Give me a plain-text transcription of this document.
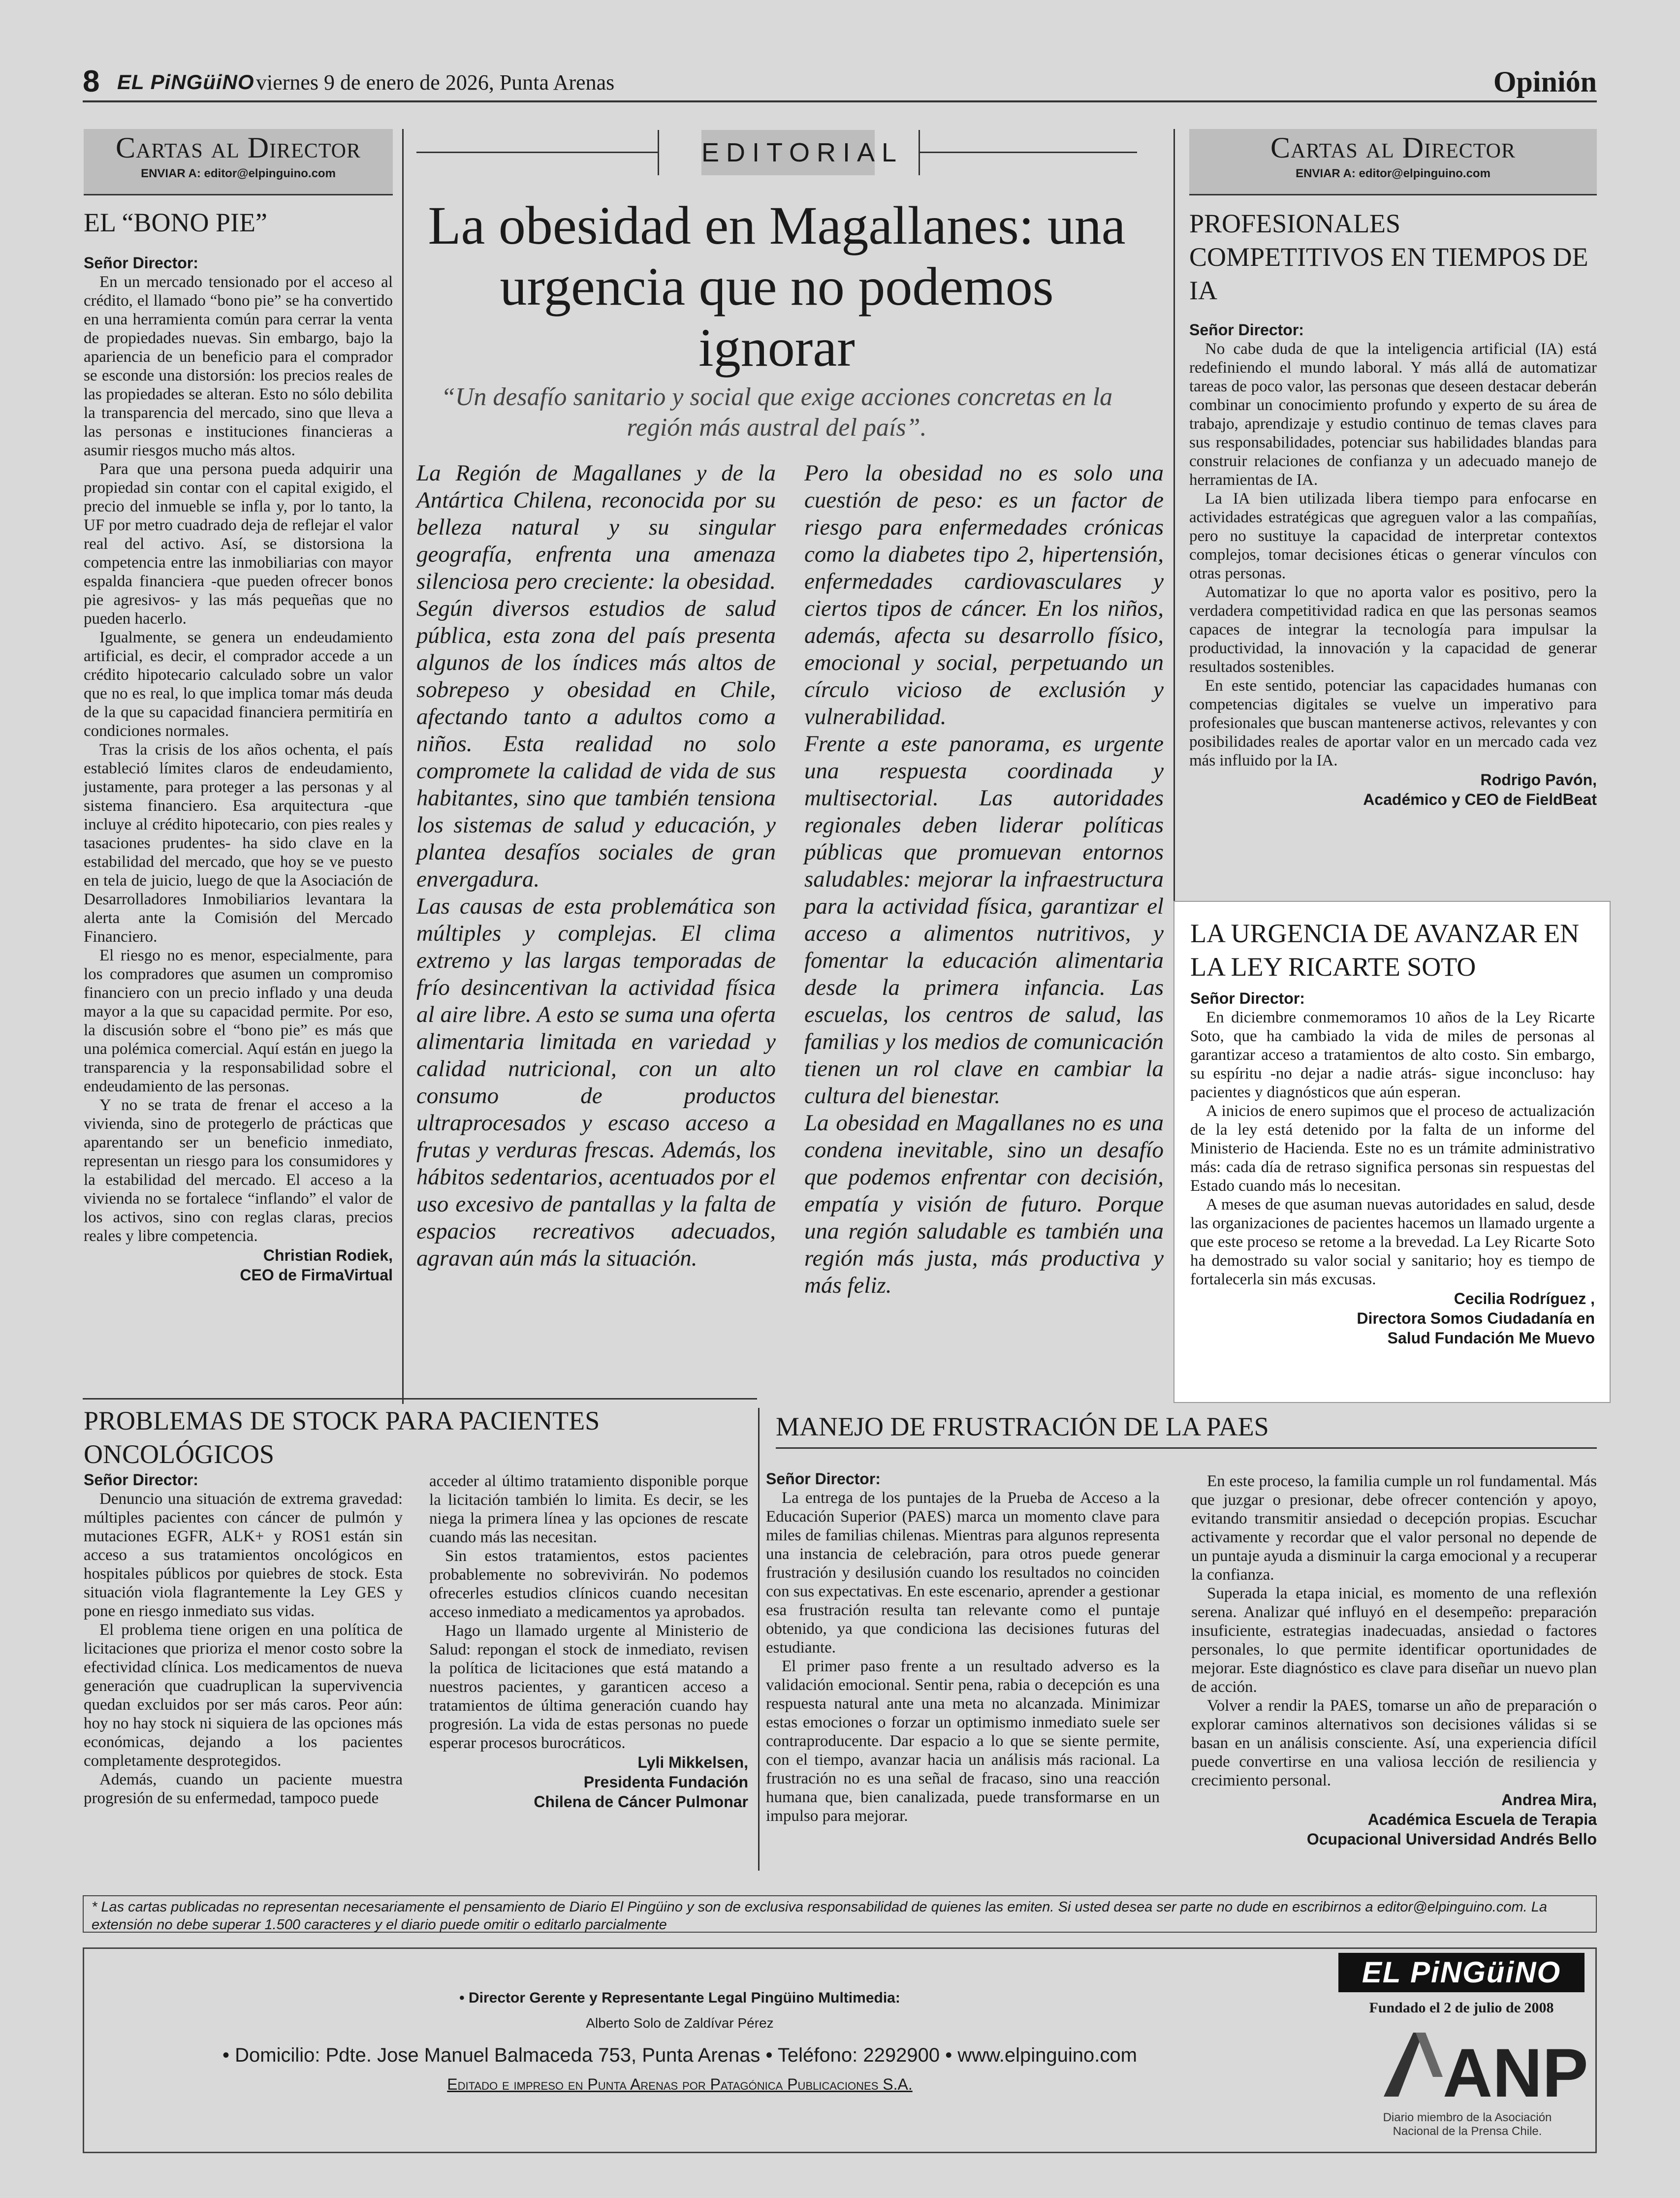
8 EL PiNGüiNO viernes 9 de enero de 2026, Punta Arenas	Opinión
Cartas al Director
ENVIAR A: editor@elpinguino.com
EL “BONO PIE”
Señor Director:

En un mercado tensionado por el acceso al crédito, el llamado “bono pie” se ha convertido en una herramienta común para cerrar la venta de propiedades nuevas. Sin embargo, bajo la apariencia de un beneficio para el comprador se esconde una distorsión: los precios reales de las propiedades se alteran. Esto no sólo debilita la transparencia del mercado, sino que lleva a las personas e instituciones financieras a asumir riesgos mucho más altos.

Para que una persona pueda adquirir una propiedad sin contar con el capital exigido, el precio del inmueble se infla y, por lo tanto, la UF por metro cuadrado deja de reflejar el valor real del activo. Así, se distorsiona la competencia entre las inmobiliarias con mayor espalda financiera -que pueden ofrecer bonos pie agresivos- y las más pequeñas que no pueden hacerlo.

Igualmente, se genera un endeudamiento artificial, es decir, el comprador accede a un crédito hipotecario calculado sobre un valor que no es real, lo que implica tomar más deuda de la que su capacidad financiera permitiría en condiciones normales.

Tras la crisis de los años ochenta, el país estableció límites claros de endeudamiento, justamente, para proteger a las personas y al sistema financiero. Esa arquitectura -que incluye al crédito hipotecario, con pies reales y tasaciones prudentes- ha sido clave en la estabilidad del mercado, que hoy se ve puesto en tela de juicio, luego de que la Asociación de Desarrolladores Inmobiliarios levantara la alerta ante la Comisión del Mercado Financiero.

El riesgo no es menor, especialmente, para los compradores que asumen un compromiso financiero con un precio inflado y una deuda mayor a la que su capacidad permite. Por eso, la discusión sobre el “bono pie” es más que una polémica comercial. Aquí están en juego la transparencia y la responsabilidad sobre el endeudamiento de las personas.

Y no se trata de frenar el acceso a la vivienda, sino de protegerlo de prácticas que aparentando ser un beneficio inmediato, representan un riesgo para los consumidores y la estabilidad del mercado. El acceso a la vivienda no se fortalece “inflando” el valor de los activos, sino con reglas claras, precios reales y libre competencia.

Christian Rodiek,
CEO de FirmaVirtual
EDITORIAL
La obesidad en Magallanes: una urgencia que no podemos ignorar
“Un desafío sanitario y social que exige acciones concretas en la región más austral del país”.

La Región de Magallanes y de la Antártica Chilena, reconocida por su belleza natural y su singular geografía, enfrenta una amenaza silenciosa pero creciente: la obesidad. Según diversos estudios de salud pública, esta zona del país presenta algunos de los índices más altos de sobrepeso y obesidad en Chile, afectando tanto a adultos como a niños. Esta realidad no solo compromete la calidad de vida de sus habitantes, sino que también tensiona los sistemas de salud y educación, y plantea desafíos sociales de gran envergadura.

Las causas de esta problemática son múltiples y complejas. El clima extremo y las largas temporadas de frío desincentivan la actividad física al aire libre. A esto se suma una oferta alimentaria limitada en variedad y calidad nutricional, con un alto consumo de productos ultraprocesados y escaso acceso a frutas y verduras frescas. Además, los hábitos sedentarios, acentuados por el uso excesivo de pantallas y la falta de espacios recreativos adecuados, agravan aún más la situación.

Pero la obesidad no es solo una cuestión de peso: es un factor de riesgo para enfermedades crónicas como la diabetes tipo 2, hipertensión, enfermedades cardiovasculares y ciertos tipos de cáncer. En los niños, además, afecta su desarrollo físico, emocional y social, perpetuando un círculo vicioso de exclusión y vulnerabilidad.

Frente a este panorama, es urgente una respuesta coordinada y multisectorial. Las autoridades regionales deben liderar políticas públicas que promuevan entornos saludables: mejorar la infraestructura para la actividad física, garantizar el acceso a alimentos nutritivos, y fomentar la educación alimentaria desde la primera infancia. Las escuelas, los centros de salud, las familias y los medios de comunicación tienen un rol clave en cambiar la cultura del bienestar.

La obesidad en Magallanes no es una condena inevitable, sino un desafío que podemos enfrentar con decisión, empatía y visión de futuro. Porque una región saludable es también una región más justa, más productiva y más feliz.

Cartas al Director
ENVIAR A: editor@elpinguino.com
PROFESIONALES COMPETITIVOS EN TIEMPOS DE IA
Señor Director:

No cabe duda de que la inteligencia artificial (IA) está redefiniendo el mundo laboral. Y más allá de automatizar tareas de poco valor, las personas que deseen destacar deberán combinar un conocimiento profundo y experto de su área de trabajo, aprendizaje y estudio continuo de temas claves para sus responsabilidades, potenciar sus habilidades blandas para construir relaciones de confianza y un adecuado manejo de herramientas de IA.

La IA bien utilizada libera tiempo para enfocarse en actividades estratégicas que agreguen valor a las compañías, pero no sustituye la capacidad de interpretar contextos complejos, tomar decisiones éticas o generar vínculos con otras personas.

Automatizar lo que no aporta valor es positivo, pero la verdadera competitividad radica en que las personas seamos capaces de integrar la tecnología para impulsar la productividad, la innovación y la capacidad de generar resultados sostenibles.

En este sentido, potenciar las capacidades humanas con competencias digitales se vuelve un imperativo para profesionales que buscan mantenerse activos, relevantes y con posibilidades reales de aportar valor en un mercado cada vez más influido por la IA.

Rodrigo Pavón,
Académico y CEO de FieldBeat
LA URGENCIA DE AVANZAR EN LA LEY RICARTE SOTO
Señor Director:

En diciembre conmemoramos 10 años de la Ley Ricarte Soto, que ha cambiado la vida de miles de personas al garantizar acceso a tratamientos de alto costo. Sin embargo, su espíritu -no dejar a nadie atrás- sigue inconcluso: hay pacientes y diagnósticos que aún esperan.

A inicios de enero supimos que el proceso de actualización de la ley está detenido por la falta de un informe del Ministerio de Hacienda. Este no es un trámite administrativo más: cada día de retraso significa personas sin respuestas del Estado cuando más lo necesitan.

A meses de que asuman nuevas autoridades en salud, desde las organizaciones de pacientes hacemos un llamado urgente a que este proceso se retome a la brevedad. La Ley Ricarte Soto ha demostrado su valor social y sanitario; hoy es tiempo de fortalecerla sin más excusas.

Cecilia Rodríguez ,
Directora Somos Ciudadanía en
Salud Fundación Me Muevo
PROBLEMAS DE STOCK PARA PACIENTES ONCOLÓGICOS
Señor Director:

Denuncio una situación de extrema gravedad: múltiples pacientes con cáncer de pulmón y mutaciones EGFR, ALK+ y ROS1 están sin acceso a sus tratamientos oncológicos en hospitales públicos por quiebres de stock. Esta situación viola flagrantemente la Ley GES y pone en riesgo inmediato sus vidas.

El problema tiene origen en una política de licitaciones que prioriza el menor costo sobre la efectividad clínica. Los medicamentos de nueva generación que cuadruplican la supervivencia quedan excluidos por ser más caros. Peor aún: hoy no hay stock ni siquiera de las opciones más económicas, dejando a los pacientes completamente desprotegidos.

Además, cuando un paciente muestra progresión de su enfermedad, tampoco puede

acceder al último tratamiento disponible porque la licitación también lo limita. Es decir, se les niega la primera línea y las opciones de rescate cuando más las necesitan.

Sin estos tratamientos, estos pacientes probablemente no sobrevivirán. No podemos ofrecerles estudios clínicos cuando necesitan acceso inmediato a medicamentos ya aprobados.

Hago un llamado urgente al Ministerio de Salud: repongan el stock de inmediato, revisen la política de licitaciones que está matando a nuestros pacientes, y garanticen acceso a tratamientos de última generación cuando hay progresión. La vida de estas personas no puede esperar procesos burocráticos.

Lyli Mikkelsen,
Presidenta Fundación
Chilena de Cáncer Pulmonar
MANEJO DE FRUSTRACIÓN DE LA PAES
Señor Director:

La entrega de los puntajes de la Prueba de Acceso a la Educación Superior (PAES) marca un momento clave para miles de familias chilenas. Mientras para algunos representa una instancia de celebración, para otros puede generar frustración y desilusión cuando los resultados no coinciden con sus expectativas. En este escenario, aprender a gestionar esa frustración resulta tan relevante como el puntaje obtenido, ya que condiciona las decisiones futuras del estudiante.

El primer paso frente a un resultado adverso es la validación emocional. Sentir pena, rabia o decepción es una respuesta natural ante una meta no alcanzada. Minimizar estas emociones o forzar un optimismo inmediato suele ser contraproducente. Dar espacio a lo que se siente permite, con el tiempo, avanzar hacia un análisis más racional. La frustración no es una señal de fracaso, sino una reacción humana que, bien canalizada, puede transformarse en un impulso para mejorar.

En este proceso, la familia cumple un rol fundamental. Más que juzgar o presionar, debe ofrecer contención y apoyo, evitando transmitir ansiedad o decepción propias. Escuchar activamente y recordar que el valor personal no depende de un puntaje ayuda a disminuir la carga emocional y a recuperar la confianza.

Superada la etapa inicial, es momento de una reflexión serena. Analizar qué influyó en el desempeño: preparación insuficiente, estrategias inadecuadas, ansiedad o factores personales, lo que permite identificar oportunidades de mejorar. Este diagnóstico es clave para diseñar un nuevo plan de acción.

Volver a rendir la PAES, tomarse un año de preparación o explorar caminos alternativos son decisiones válidas si se basan en un análisis consciente. Así, una experiencia difícil puede convertirse en una valiosa lección de resiliencia y crecimiento personal.

Andrea Mira,
Académica Escuela de Terapia
Ocupacional Universidad Andrés Bello
* Las cartas publicadas no representan necesariamente el pensamiento de Diario El Pingüino y son de exclusiva responsabilidad de quienes las emiten. Si usted desea ser parte no dude en escribirnos a editor@elpinguino.com. La extensión no debe superar 1.500 caracteres y el diario puede omitir o editarlo parcialmente
• Director Gerente y Representante Legal Pingüino Multimedia:
Alberto Solo de Zaldívar Pérez
• Domicilio: Pdte. Jose Manuel Balmaceda 753, Punta Arenas • Teléfono: 2292900 • www.elpinguino.com
Editado e impreso en Punta Arenas por Patagónica Publicaciones S.A.
EL PiNGüiNO
Fundado el 2 de julio de 2008
ANP
Diario miembro de la Asociación
Nacional de la Prensa Chile.
